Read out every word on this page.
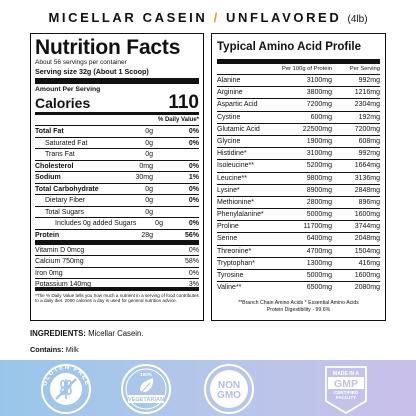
MICELLAR CASEIN / UNFLAVORED (4lb)
Nutrition Facts
About 56 servings per container
Serving size 32g (About 1 Scoop)
Amount Per Serving
Calories	110
% Daily Value*
Total Fat	0g	0%
Saturated Fat	0g	0%
Trans Fat	0g
Cholesterol	0mg	0%
Sodium	30mg	1%
Total Carbohydrate	0g	0%
Dietary Fiber	0g	0%
Total Sugars	0g
Includes 0g added Sugars	0g	0%
Protein	28g	56%
Vitamin D 0mcg	0%
Calcium 750mg	58%
Iron 0mg	0%
Potassium 140mg	3%
*The % Daily Value tells you how much a nutrient in a serving of food contributes to a daily diet. 2000 calories a day is used for general nutrition advice.
Typical Amino Acid Profile
Per 100g of Protein	Per Serving
Alanine	3100mg	992mg
Arginine	3800mg	1216mg
Aspartic Acid	7200mg	2304mg
Cystine	600mg	192mg
Glutamic Acid	22500mg	7200mg
Glycine	1900mg	608mg
Histidine*	3100mg	992mg
Isoleucine**	5200mg	1664mg
Leucine**	9800mg	3136mg
Lysine*	8900mg	2848mg
Methionine*	2800mg	896mg
Phenylalanine*	5000mg	1600mg
Proline	11700mg	3744mg
Serine	6400mg	2048mg
Threonine*	4700mg	1504mg
Tryptophan*	1300mg	416mg
Tyrosine	5000mg	1600mg
Valine**	6500mg	2080mg
**Branch Chain Amino Acids * Essential Amino Acids
Protein Digestibility - 99.6%
INGREDIENTS: Micellar Casein.
Contains: Milk
GLUTEN FREE
100%
VEGETARIAN
NON
GMO
MADE IN A
GMP
CERTIFIED FACILITY
